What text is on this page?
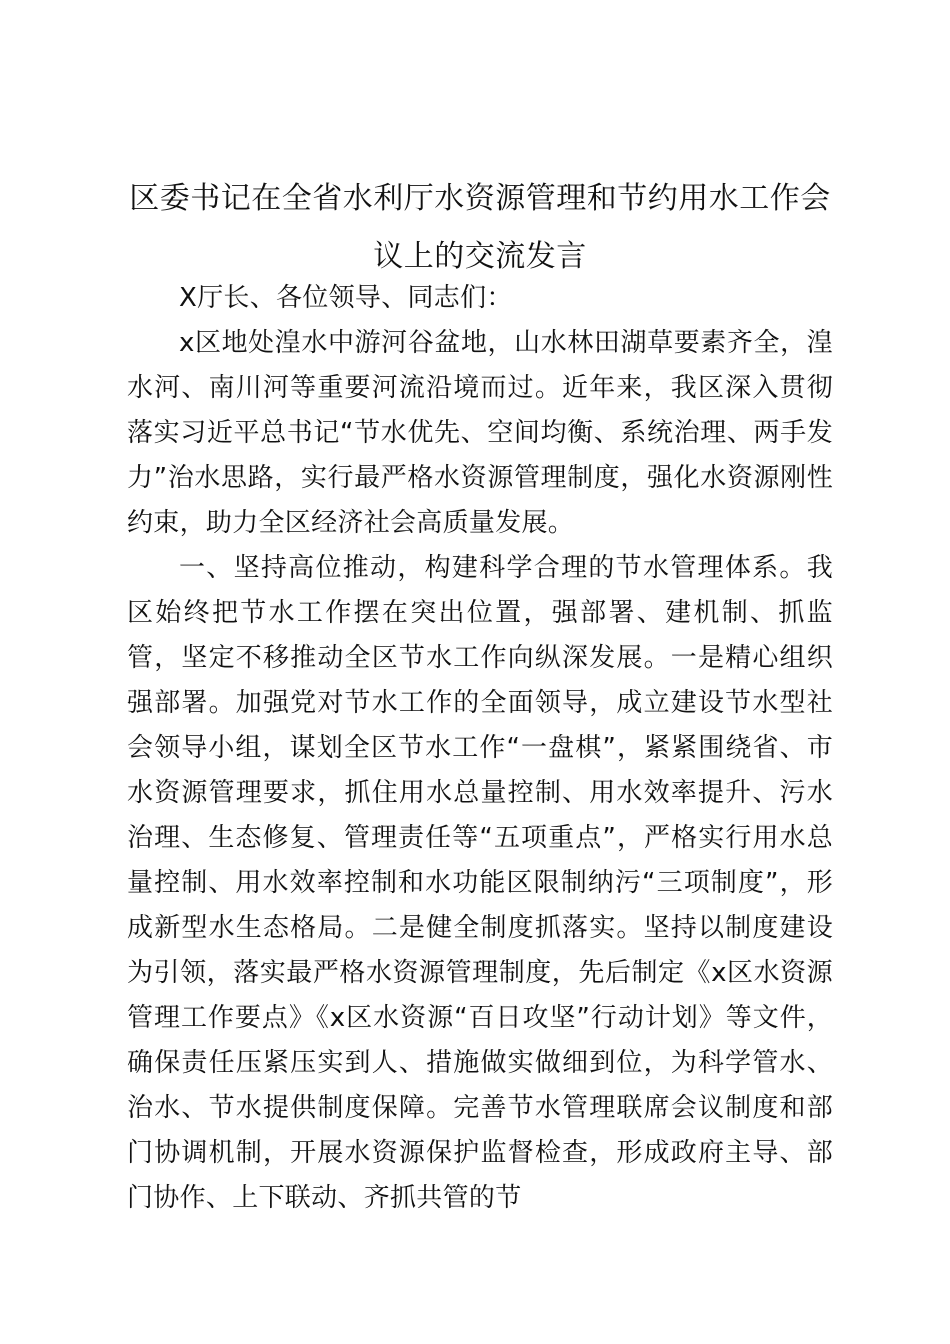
区委书记在全省水利厅水资源管理和节约用水工作会议上的交流发言

X厅长、各位领导、同志们：

x区地处湟水中游河谷盆地，山水林田湖草要素齐全，湟水河、南川河等重要河流沿境而过。近年来，我区深入贯彻落实习近平总书记“节水优先、空间均衡、系统治理、两手发力”治水思路，实行最严格水资源管理制度，强化水资源刚性约束，助力全区经济社会高质量发展。

一、坚持高位推动，构建科学合理的节水管理体系。我区始终把节水工作摆在突出位置，强部署、建机制、抓监管，坚定不移推动全区节水工作向纵深发展。一是精心组织强部署。加强党对节水工作的全面领导，成立建设节水型社会领导小组，谋划全区节水工作“一盘棋”，紧紧围绕省、市水资源管理要求，抓住用水总量控制、用水效率提升、污水治理、生态修复、管理责任等“五项重点”，严格实行用水总量控制、用水效率控制和水功能区限制纳污“三项制度”，形成新型水生态格局。二是健全制度抓落实。坚持以制度建设为引领，落实最严格水资源管理制度，先后制定《x区水资源管理工作要点》《x区水资源“百日攻坚”行动计划》等文件，确保责任压紧压实到人、措施做实做细到位，为科学管水、治水、节水提供制度保障。完善节水管理联席会议制度和部门协调机制，开展水资源保护监督检查，形成政府主导、部门协作、上下联动、齐抓共管的节
